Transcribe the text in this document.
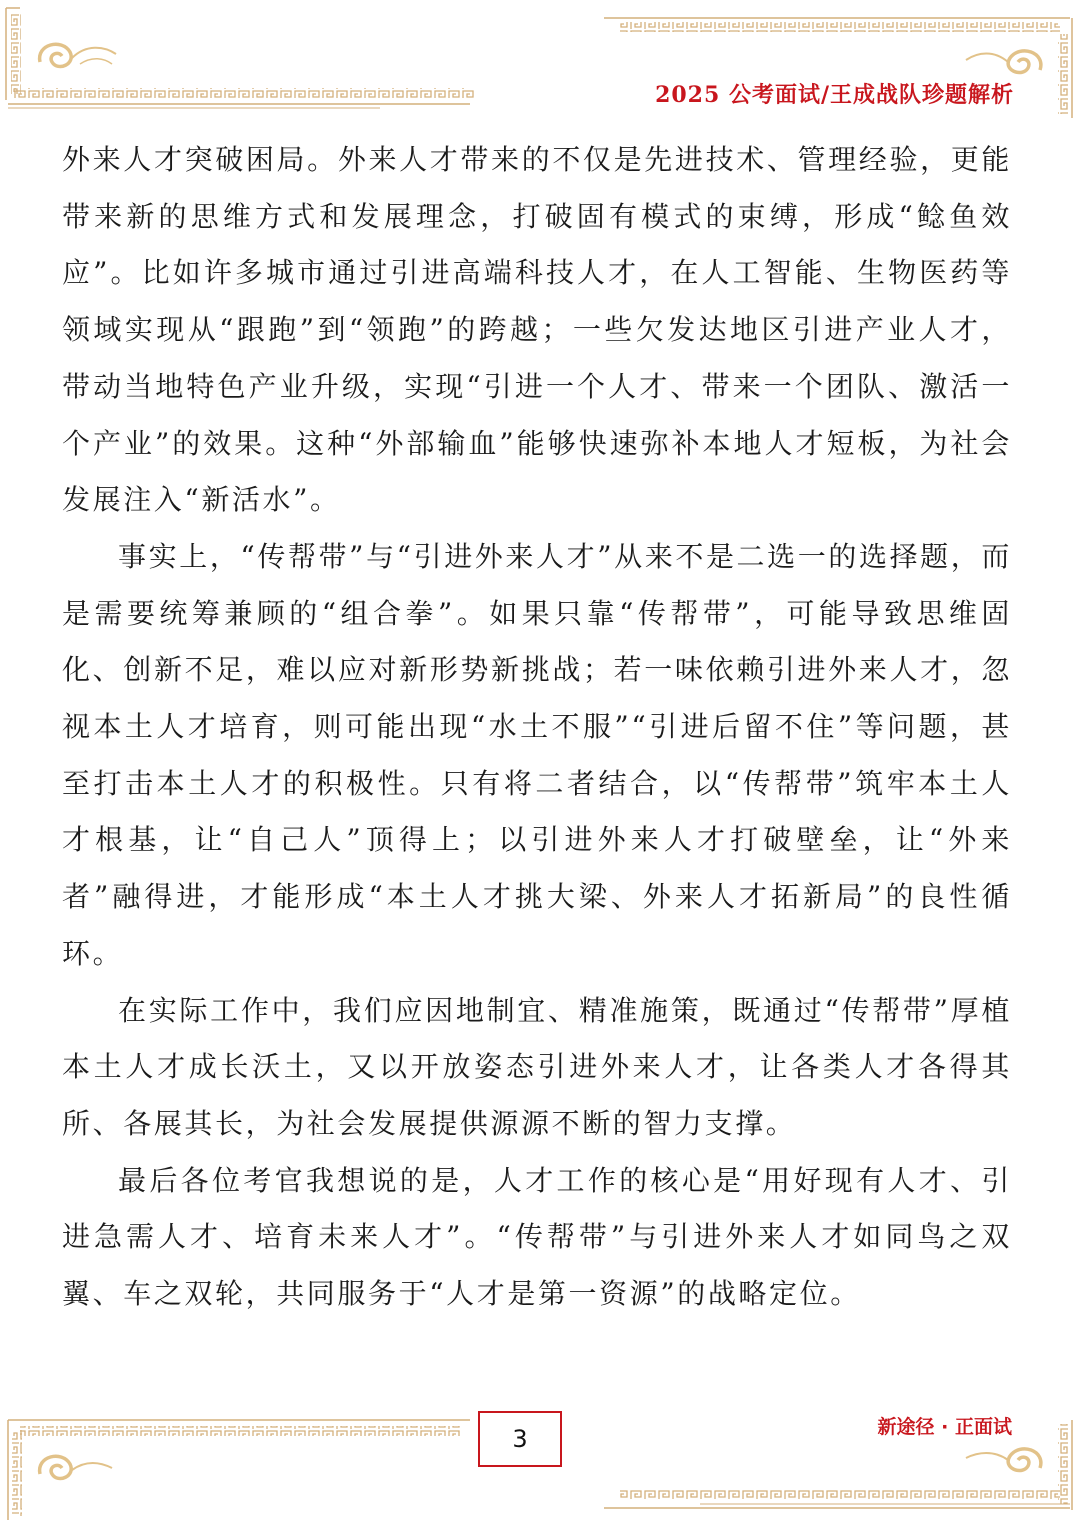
2025 公考面试/王成战队珍题解析

外来人才突破困局。外来人才带来的不仅是先进技术、管理经验，更能带来新的思维方式和发展理念，打破固有模式的束缚，形成“鲶鱼效应”。比如许多城市通过引进高端科技人才，在人工智能、生物医药等领域实现从“跟跑”到“领跑”的跨越；一些欠发达地区引进产业人才，带动当地特色产业升级，实现“引进一个人才、带来一个团队、激活一个产业”的效果。这种“外部输血”能够快速弥补本地人才短板，为社会发展注入“新活水”。

事实上，“传帮带”与“引进外来人才”从来不是二选一的选择题，而是需要统筹兼顾的“组合拳”。如果只靠“传帮带”，可能导致思维固化、创新不足，难以应对新形势新挑战；若一味依赖引进外来人才，忽视本土人才培育，则可能出现“水土不服”“引进后留不住”等问题，甚至打击本土人才的积极性。只有将二者结合，以“传帮带”筑牢本土人才根基，让“自己人”顶得上；以引进外来人才打破壁垒，让“外来者”融得进，才能形成“本土人才挑大梁、外来人才拓新局”的良性循环。

在实际工作中，我们应因地制宜、精准施策，既通过“传帮带”厚植本土人才成长沃土，又以开放姿态引进外来人才，让各类人才各得其所、各展其长，为社会发展提供源源不断的智力支撑。

最后各位考官我想说的是，人才工作的核心是“用好现有人才、引进急需人才、培育未来人才”。“传帮带”与引进外来人才如同鸟之双翼、车之双轮，共同服务于“人才是第一资源”的战略定位。

3	新途径 · 正面试
